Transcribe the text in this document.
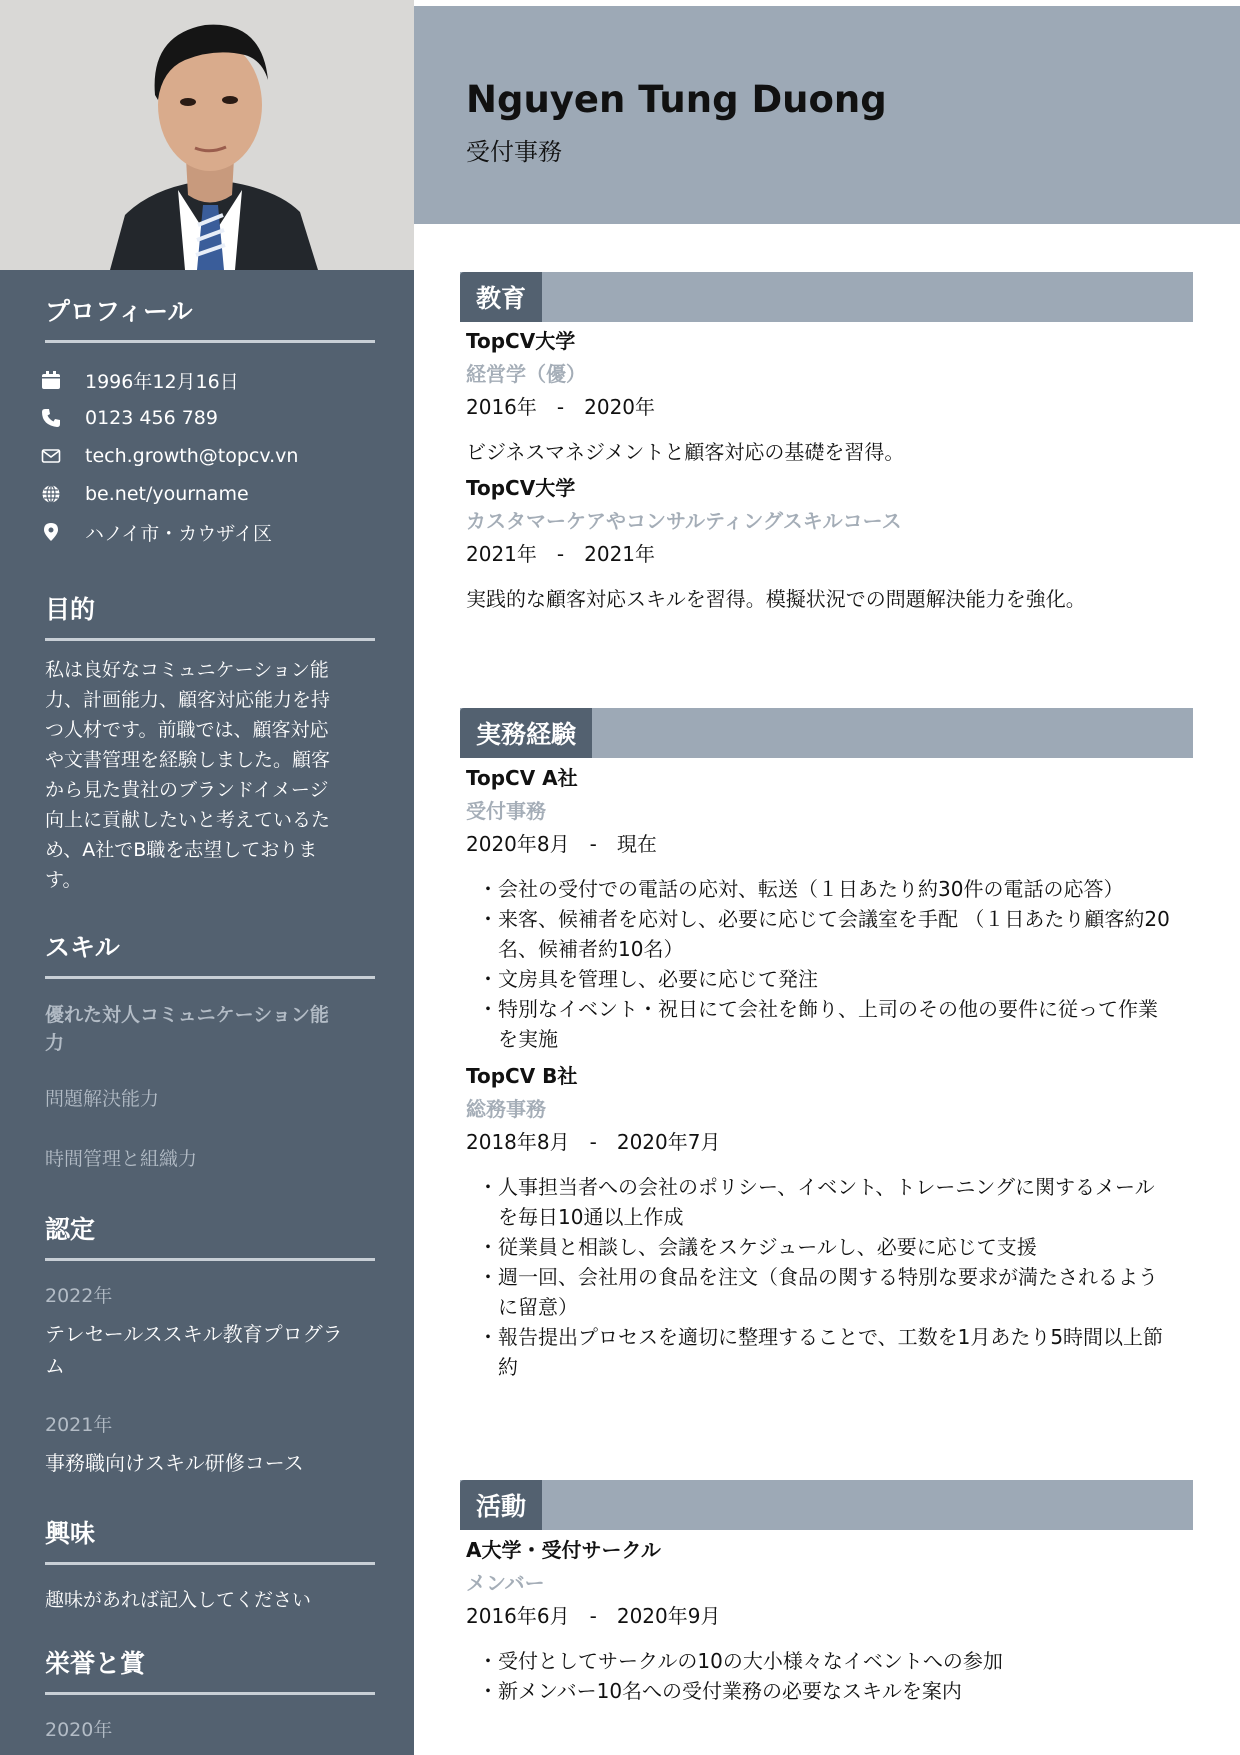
プロフィール
1996年12月16日
0123 456 789
tech.growth@topcv.vn
be.net/yourname
ハノイ市・カウザイ区
目的
私は良好なコミュニケーション能
力、計画能力、顧客対応能力を持
つ人材です。前職では、顧客対応
や文書管理を経験しました。顧客
から見た貴社のブランドイメージ
向上に貢献したいと考えているた
め、A社でB職を志望しておりま
す。
スキル
優れた対人コミュニケーション能
力
問題解決能力
時間管理と組織力
認定
2022年
テレセールススキル教育プログラ
ム
2021年
事務職向けスキル研修コース
興味
趣味があれば記入してください
栄誉と賞
2020年
Nguyen Tung Duong
受付事務
教育
TopCV大学
経営学（優）
2016年　-　2020年
ビジネスマネジメントと顧客対応の基礎を習得。
TopCV大学
カスタマーケアやコンサルティングスキルコース
2021年　-　2021年
実践的な顧客対応スキルを習得。模擬状況での問題解決能力を強化。
実務経験
TopCV A社
受付事務
2020年8月　-　現在
・ 会社の受付での電話の応対、転送（１日あたり約30件の電話の応答）
・ 来客、候補者を応対し、必要に応じて会議室を手配 （１日あたり顧客約20
名、候補者約10名）
・ 文房具を管理し、必要に応じて発注
・ 特別なイベント・祝日にて会社を飾り、上司のその他の要件に従って作業
を実施
TopCV B社
総務事務
2018年8月　-　2020年7月
・ 人事担当者への会社のポリシー、イベント、トレーニングに関するメール
を毎日10通以上作成
・ 従業員と相談し、会議をスケジュールし、必要に応じて支援
・ 週一回、会社用の食品を注文（食品の関する特別な要求が満たされるよう
に留意）
・ 報告提出プロセスを適切に整理することで、工数を1月あたり5時間以上節
約
活動
A大学・受付サークル
メンバー
2016年6月　-　2020年9月
・ 受付としてサークルの10の大小様々なイベントへの参加
・ 新メンバー10名への受付業務の必要なスキルを案内
